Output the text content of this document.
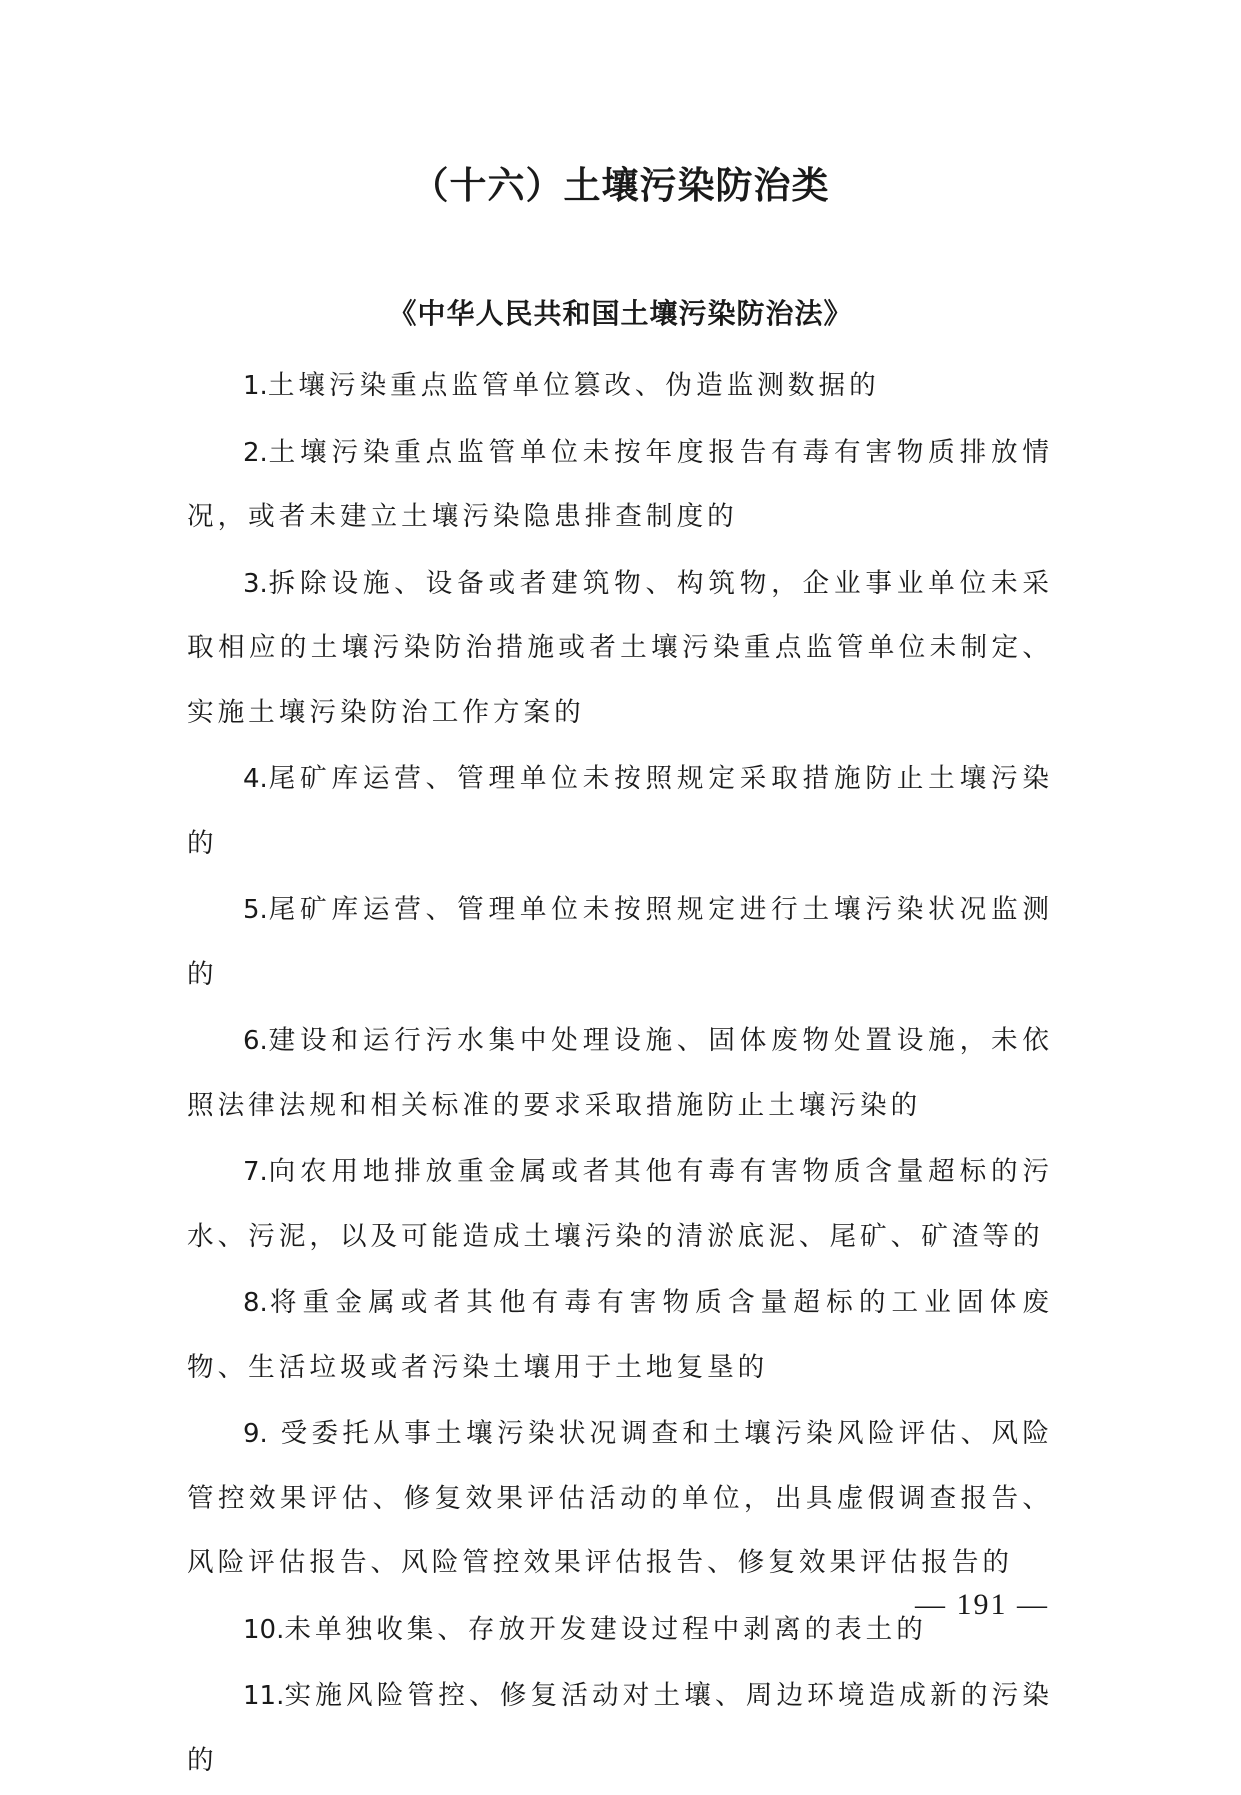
（十六）土壤污染防治类
《中华人民共和国土壤污染防治法》

1.土壤污染重点监管单位篡改、伪造监测数据的

2.土壤污染重点监管单位未按年度报告有毒有害物质排放情况，或者未建立土壤污染隐患排查制度的

3.拆除设施、设备或者建筑物、构筑物，企业事业单位未采取相应的土壤污染防治措施或者土壤污染重点监管单位未制定、实施土壤污染防治工作方案的

4.尾矿库运营、管理单位未按照规定采取措施防止土壤污染的

5.尾矿库运营、管理单位未按照规定进行土壤污染状况监测的

6.建设和运行污水集中处理设施、固体废物处置设施，未依照法律法规和相关标准的要求采取措施防止土壤污染的

7.向农用地排放重金属或者其他有毒有害物质含量超标的污水、污泥，以及可能造成土壤污染的清淤底泥、尾矿、矿渣等的

8.将重金属或者其他有毒有害物质含量超标的工业固体废物、生活垃圾或者污染土壤用于土地复垦的

9. 受委托从事土壤污染状况调查和土壤污染风险评估、风险管控效果评估、修复效果评估活动的单位，出具虚假调查报告、风险评估报告、风险管控效果评估报告、修复效果评估报告的

10.未单独收集、存放开发建设过程中剥离的表土的

11.实施风险管控、修复活动对土壤、周边环境造成新的污染的

— 191 —
